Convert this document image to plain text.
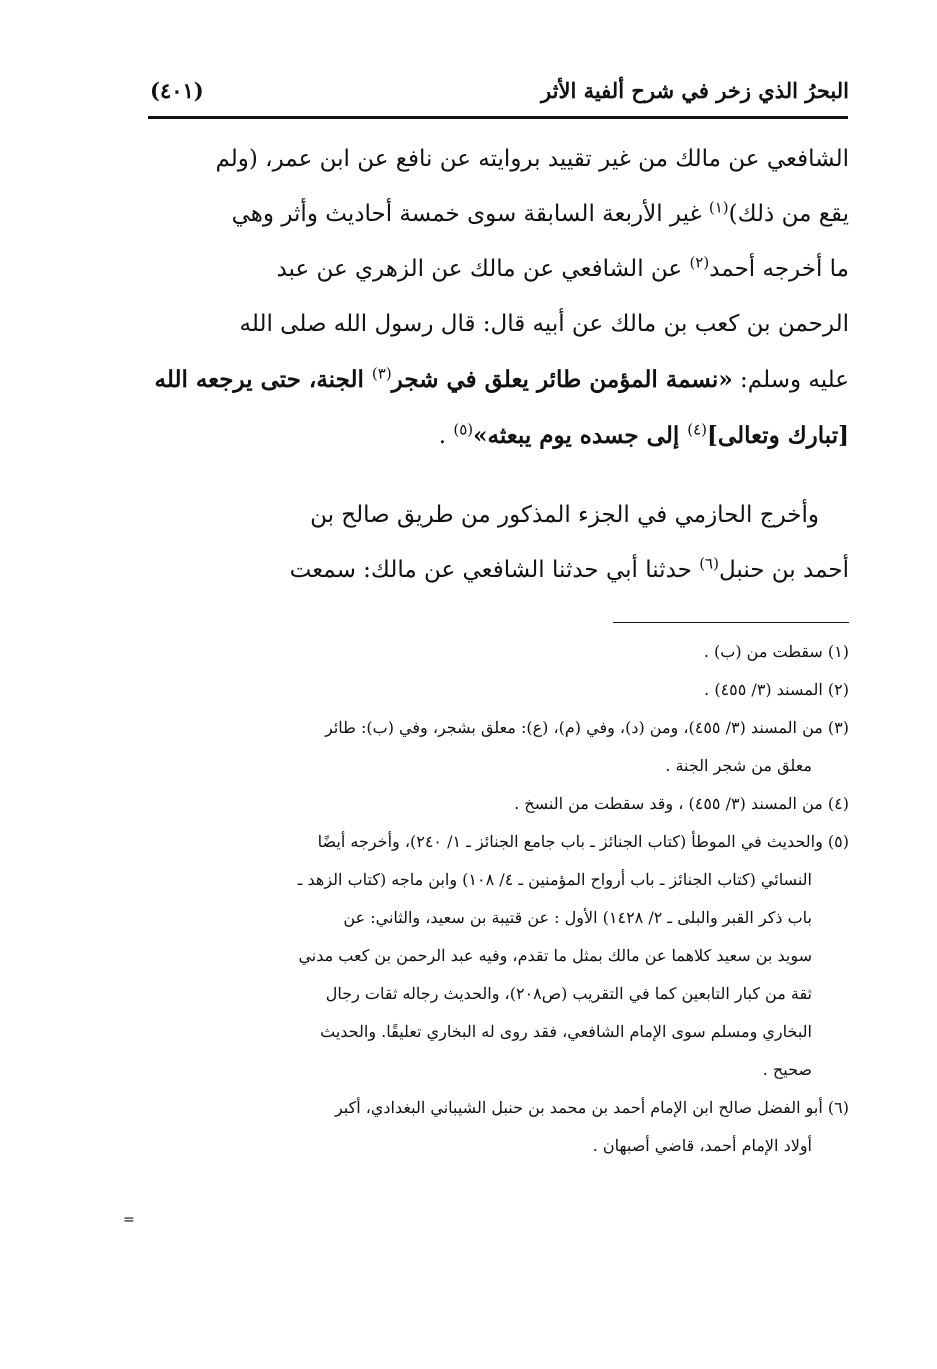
البحرُ الذي زخر في شرح ألفية الأثر
(٤٠١)
الشافعي عن مالك من غير تقييد بروايته عن نافع عن ابن عمر، (ولم
يقع من ذلك)$^{(١)}$ غير الأربعة السابقة سوى خمسة أحاديث وأثر وهي
ما أخرجه أحمد$^{(٢)}$ عن الشافعي عن مالك عن الزهري عن عبد
الرحمن بن كعب بن مالك عن أبيه قال: قال رسول الله صلى الله
عليه وسلم: «نسمة المؤمن طائر يعلق في شجر$^{(٣)}$ الجنة، حتى يرجعه الله
[تبارك وتعالى]$^{(٤)}$ إلى جسده يوم يبعثه»$^{(٥)}$ .
وأخرج الحازمي في الجزء المذكور من طريق صالح بن
أحمد بن حنبل$^{(٦)}$ حدثنا أبي حدثنا الشافعي عن مالك: سمعت
(١) سقطت من (ب) .
(٢) المسند (٣/ ٤٥٥) .
(٣) من المسند (٣/ ٤٥٥)، ومن (د)، وفي (م)، (ع): معلق بشجر، وفي (ب): طائر
معلق من شجر الجنة .
(٤) من المسند (٣/ ٤٥٥) ، وقد سقطت من النسخ .
(٥) والحديث في الموطأ (كتاب الجنائز ـ باب جامع الجنائز ـ ١/ ٢٤٠)، وأخرجه أيضًا
النسائي (كتاب الجنائز ـ باب أرواح المؤمنين ـ ٤/ ١٠٨) وابن ماجه (كتاب الزهد ـ
باب ذكر القبر والبلى ـ ٢/ ١٤٢٨) الأول : عن قتيبة بن سعيد، والثاني: عن
سويد بن سعيد كلاهما عن مالك بمثل ما تقدم، وفيه عبد الرحمن بن كعب مدني
ثقة من كبار التابعين كما في التقريب (ص٢٠٨)، والحديث رجاله ثقات رجال
البخاري ومسلم سوى الإمام الشافعي، فقد روى له البخاري تعليقًا. والحديث
صحيح .
(٦) أبو الفضل صالح ابن الإمام أحمد بن محمد بن حنبل الشيباني البغدادي، أكبر
أولاد الإمام أحمد، قاضي أصبهان .
=
